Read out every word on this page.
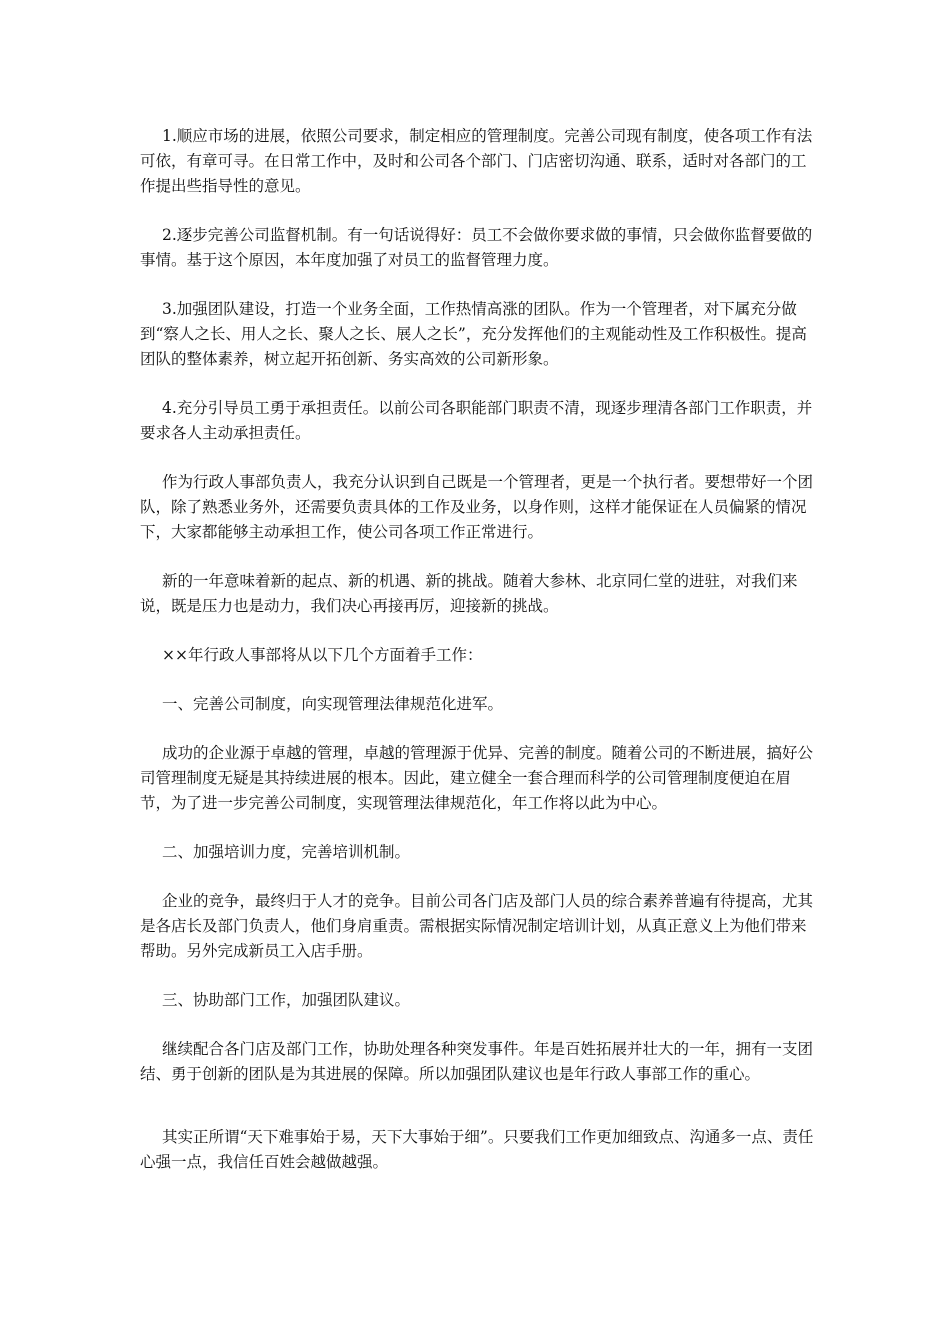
1.顺应市场的进展，依照公司要求，制定相应的管理制度。完善公司现有制度，使各项工作有法可依，有章可寻。在日常工作中，及时和公司各个部门、门店密切沟通、联系，适时对各部门的工作提出些指导性的意见。

2.逐步完善公司监督机制。有一句话说得好：员工不会做你要求做的事情，只会做你监督要做的事情。基于这个原因，本年度加强了对员工的监督管理力度。

3.加强团队建设，打造一个业务全面，工作热情高涨的团队。作为一个管理者，对下属充分做到“察人之长、用人之长、聚人之长、展人之长”，充分发挥他们的主观能动性及工作积极性。提高团队的整体素养，树立起开拓创新、务实高效的公司新形象。

4.充分引导员工勇于承担责任。以前公司各职能部门职责不清，现逐步理清各部门工作职责，并要求各人主动承担责任。

作为行政人事部负责人，我充分认识到自己既是一个管理者，更是一个执行者。要想带好一个团队，除了熟悉业务外，还需要负责具体的工作及业务，以身作则，这样才能保证在人员偏紧的情况下，大家都能够主动承担工作，使公司各项工作正常进行。

新的一年意味着新的起点、新的机遇、新的挑战。随着大参林、北京同仁堂的进驻，对我们来说，既是压力也是动力，我们决心再接再厉，迎接新的挑战。

××年行政人事部将从以下几个方面着手工作：

一、完善公司制度，向实现管理法律规范化进军。

成功的企业源于卓越的管理，卓越的管理源于优异、完善的制度。随着公司的不断进展，搞好公司管理制度无疑是其持续进展的根本。因此，建立健全一套合理而科学的公司管理制度便迫在眉节，为了进一步完善公司制度，实现管理法律规范化，年工作将以此为中心。

二、加强培训力度，完善培训机制。

企业的竞争，最终归于人才的竞争。目前公司各门店及部门人员的综合素养普遍有待提高，尤其是各店长及部门负责人，他们身肩重责。需根据实际情况制定培训计划，从真正意义上为他们带来帮助。另外完成新员工入店手册。

三、协助部门工作，加强团队建议。

继续配合各门店及部门工作，协助处理各种突发事件。年是百姓拓展并壮大的一年，拥有一支团结、勇于创新的团队是为其进展的保障。所以加强团队建议也是年行政人事部工作的重心。

其实正所谓“天下难事始于易，天下大事始于细”。只要我们工作更加细致点、沟通多一点、责任心强一点，我信任百姓会越做越强。
